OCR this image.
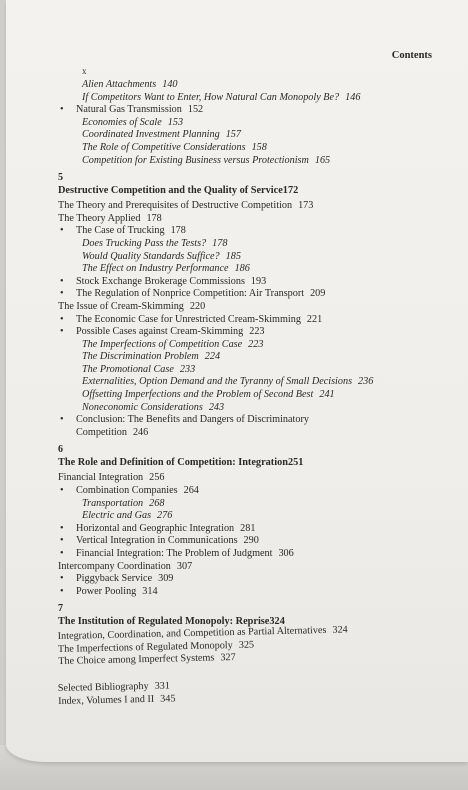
Contents
x
Alien Attachments 140
If Competitors Want to Enter, How Natural Can Monopoly Be? 146
• Natural Gas Transmission 152
Economies of Scale 153
Coordinated Investment Planning 157
The Role of Competitive Considerations 158
Competition for Existing Business versus Protectionism 165
5
Destructive Competition and the Quality of Service172
The Theory and Prerequisites of Destructive Competition 173
The Theory Applied 178
• The Case of Trucking 178
Does Trucking Pass the Tests? 178
Would Quality Standards Suffice? 185
The Effect on Industry Performance 186
• Stock Exchange Brokerage Commissions 193
• The Regulation of Nonprice Competition: Air Transport 209
The Issue of Cream-Skimming 220
• The Economic Case for Unrestricted Cream-Skimming 221
• Possible Cases against Cream-Skimming 223
The Imperfections of Competition Case 223
The Discrimination Problem 224
The Promotional Case 233
Externalities, Option Demand and the Tyranny of Small Decisions 236
Offsetting Imperfections and the Problem of Second Best 241
Noneconomic Considerations 243
• Conclusion: The Benefits and Dangers of Discriminatory
Competition 246
6
The Role and Definition of Competition: Integration251
Financial Integration 256
• Combination Companies 264
Transportation 268
Electric and Gas 276
• Horizontal and Geographic Integration 281
• Vertical Integration in Communications 290
• Financial Integration: The Problem of Judgment 306
Intercompany Coordination 307
• Piggyback Service 309
• Power Pooling 314
7
The Institution of Regulated Monopoly: Reprise324
Integration, Coordination, and Competition as Partial Alternatives 324
The Imperfections of Regulated Monopoly 325
The Choice among Imperfect Systems 327
Selected Bibliography 331
Index, Volumes I and II 345
